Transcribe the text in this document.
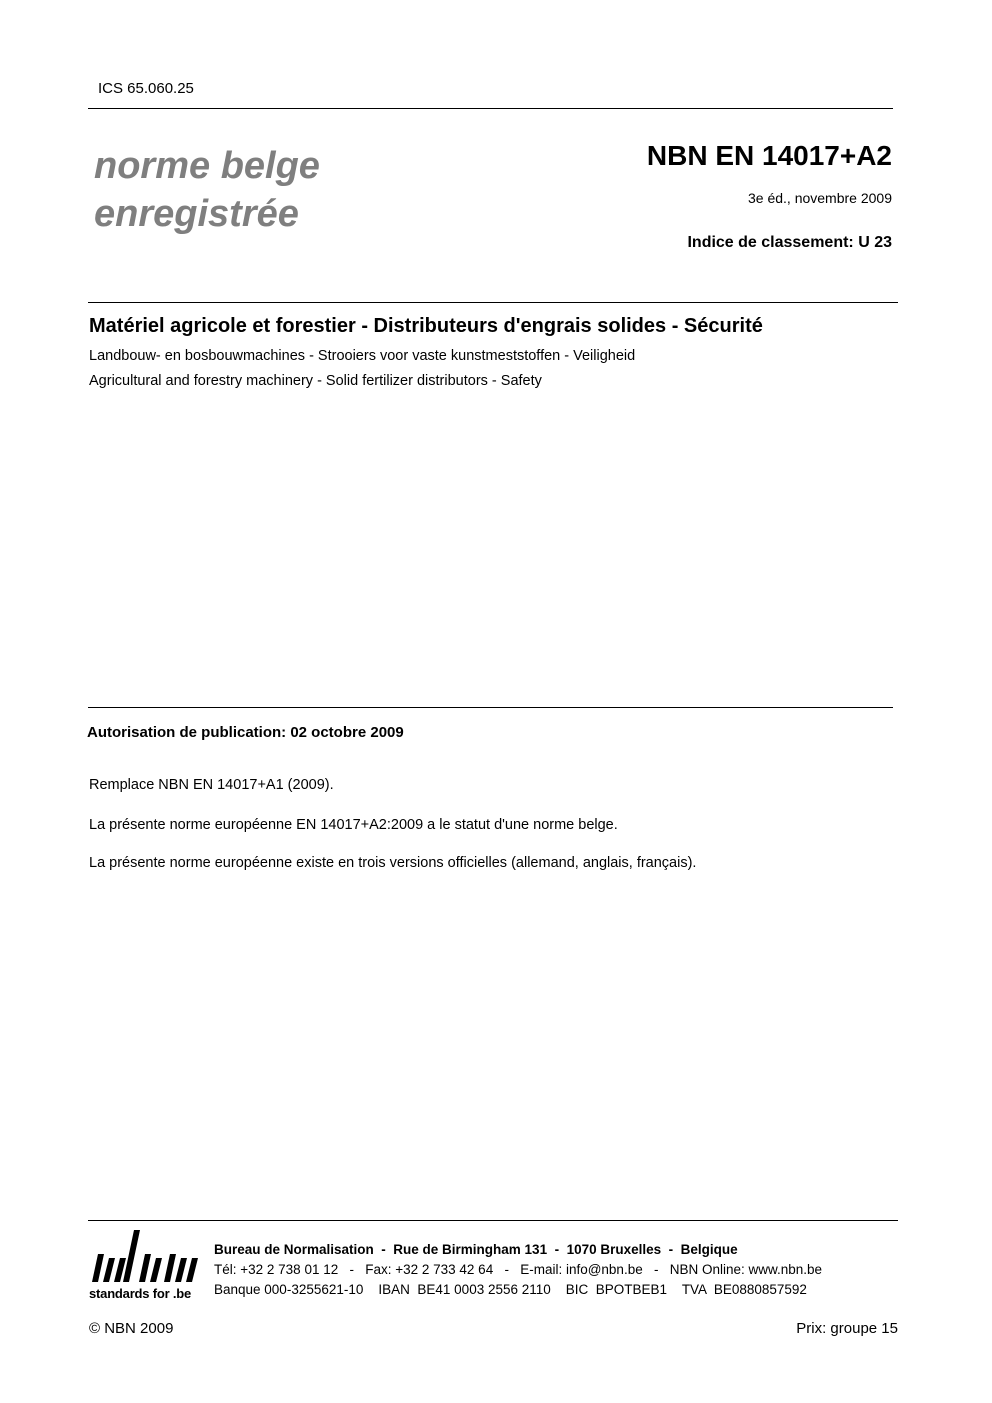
ICS 65.060.25
norme belge
enregistrée
NBN EN 14017+A2
3e éd., novembre 2009
Indice de classement: U 23
Matériel agricole et forestier - Distributeurs d'engrais solides - Sécurité
Landbouw- en bosbouwmachines - Strooiers voor vaste kunstmeststoffen - Veiligheid
Agricultural and forestry machinery - Solid fertilizer distributors - Safety
Autorisation de publication: 02 octobre 2009
Remplace NBN EN 14017+A1 (2009).
La présente norme européenne EN 14017+A2:2009 a le statut d'une norme belge.
La présente norme européenne existe en trois versions officielles (allemand, anglais, français).
standards for .be
Bureau de Normalisation  -  Rue de Birmingham 131  -  1070 Bruxelles  -  Belgique
Tél: +32 2 738 01 12   -   Fax: +32 2 733 42 64   -   E-mail: info@nbn.be   -   NBN Online: www.nbn.be
Banque 000-3255621-10    IBAN  BE41 0003 2556 2110    BIC  BPOTBEB1    TVA  BE0880857592
© NBN 2009	Prix: groupe 15
